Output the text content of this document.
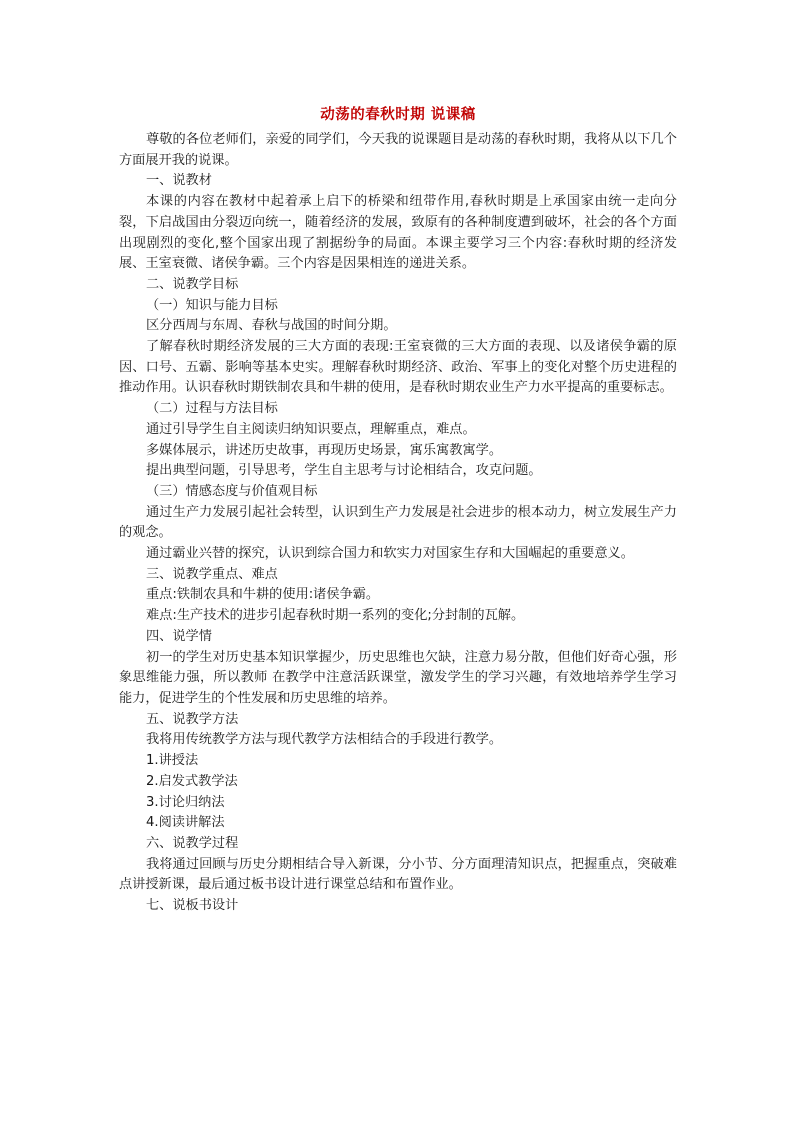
动荡的春秋时期 说课稿

尊敬的各位老师们，亲爱的同学们，今天我的说课题目是动荡的春秋时期，我将从以下几个方面展开我的说课。

一、说教材

本课的内容在教材中起着承上启下的桥梁和纽带作用,春秋时期是上承国家由统一走向分裂，下启战国由分裂迈向统一，随着经济的发展，致原有的各种制度遭到破坏，社会的各个方面出现剧烈的变化,整个国家出现了割据纷争的局面。本课主要学习三个内容:春秋时期的经济发展、王室衰微、诸侯争霸。三个内容是因果相连的递进关系。

二、说教学目标

（一）知识与能力目标

区分西周与东周、春秋与战国的时间分期。

了解春秋时期经济发展的三大方面的表现:王室衰微的三大方面的表现、以及诸侯争霸的原因、口号、五霸、影响等基本史实。理解春秋时期经济、政治、军事上的变化对整个历史进程的推动作用。认识春秋时期铁制农具和牛耕的使用，是春秋时期农业生产力水平提高的重要标志。

（二）过程与方法目标

通过引导学生自主阅读归纳知识要点，理解重点，难点。

多媒体展示，讲述历史故事，再现历史场景，寓乐寓教寓学。

提出典型问题，引导思考，学生自主思考与讨论相结合，攻克问题。

（三）情感态度与价值观目标

通过生产力发展引起社会转型，认识到生产力发展是社会进步的根本动力，树立发展生产力的观念。

通过霸业兴替的探究，认识到综合国力和软实力对国家生存和大国崛起的重要意义。

三、说教学重点、难点

重点:铁制农具和牛耕的使用:诸侯争霸。

难点:生产技术的进步引起春秋时期一系列的变化;分封制的瓦解。

四、说学情

初一的学生对历史基本知识掌握少，历史思维也欠缺，注意力易分散，但他们好奇心强，形 象思维能力强，所以教师 在教学中注意活跃课堂，激发学生的学习兴趣，有效地培养学生学习能力，促进学生的个性发展和历史思维的培养。

五、说教学方法

我将用传统教学方法与现代教学方法相结合的手段进行教学。

1.讲授法

2.启发式教学法

3.讨论归纳法

4.阅读讲解法

六、说教学过程

我将通过回顾与历史分期相结合导入新课，分小节、分方面理清知识点，把握重点，突破难点讲授新课，最后通过板书设计进行课堂总结和布置作业。

七、说板书设计
